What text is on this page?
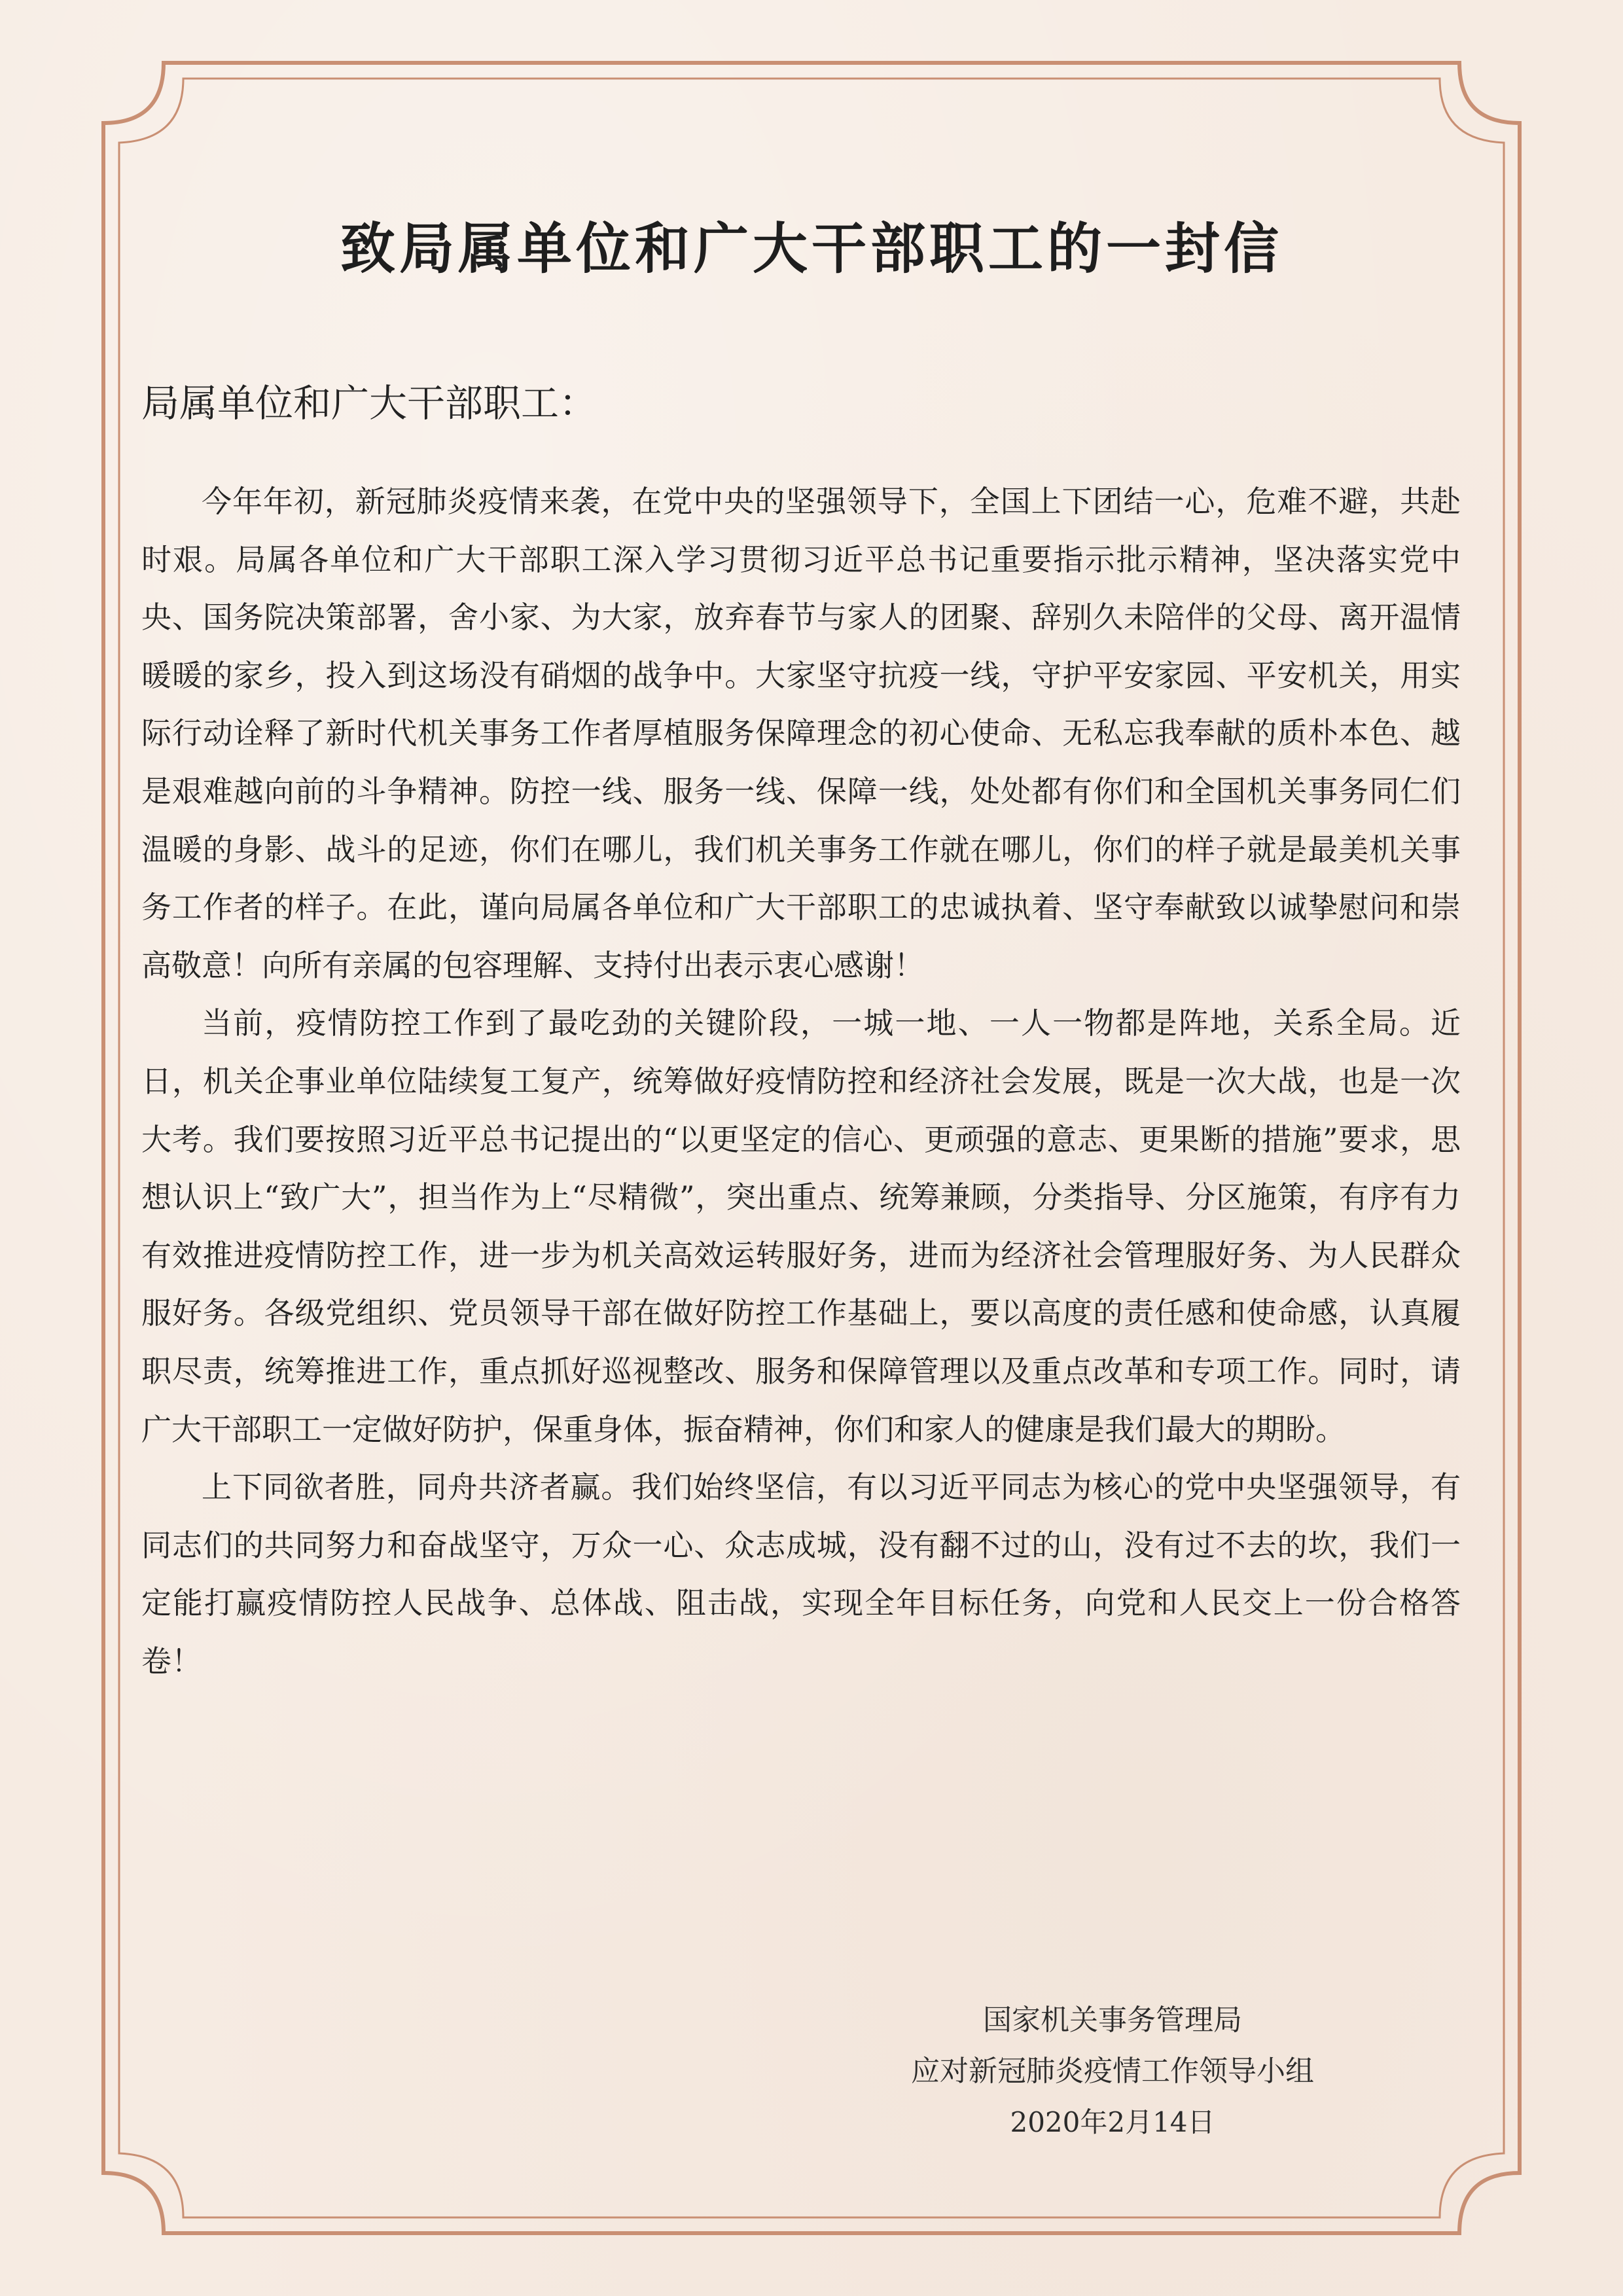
致局属单位和广大干部职工的一封信

局属单位和广大干部职工：

今年年初，新冠肺炎疫情来袭，在党中央的坚强领导下，全国上下团结一心，危难不避，共赴时艰。局属各单位和广大干部职工深入学习贯彻习近平总书记重要指示批示精神，坚决落实党中央、国务院决策部署，舍小家、为大家，放弃春节与家人的团聚、辞别久未陪伴的父母、离开温情暖暖的家乡，投入到这场没有硝烟的战争中。大家坚守抗疫一线，守护平安家园、平安机关，用实际行动诠释了新时代机关事务工作者厚植服务保障理念的初心使命、无私忘我奉献的质朴本色、越是艰难越向前的斗争精神。防控一线、服务一线、保障一线，处处都有你们和全国机关事务同仁们温暖的身影、战斗的足迹，你们在哪儿，我们机关事务工作就在哪儿，你们的样子就是最美机关事务工作者的样子。在此，谨向局属各单位和广大干部职工的忠诚执着、坚守奉献致以诚挚慰问和崇高敬意！向所有亲属的包容理解、支持付出表示衷心感谢！

当前，疫情防控工作到了最吃劲的关键阶段，一城一地、一人一物都是阵地，关系全局。近日，机关企事业单位陆续复工复产，统筹做好疫情防控和经济社会发展，既是一次大战，也是一次大考。我们要按照习近平总书记提出的“以更坚定的信心、更顽强的意志、更果断的措施”要求，思想认识上“致广大”，担当作为上“尽精微”，突出重点、统筹兼顾，分类指导、分区施策，有序有力有效推进疫情防控工作，进一步为机关高效运转服好务，进而为经济社会管理服好务、为人民群众服好务。各级党组织、党员领导干部在做好防控工作基础上，要以高度的责任感和使命感，认真履职尽责，统筹推进工作，重点抓好巡视整改、服务和保障管理以及重点改革和专项工作。同时，请广大干部职工一定做好防护，保重身体，振奋精神，你们和家人的健康是我们最大的期盼。

上下同欲者胜，同舟共济者赢。我们始终坚信，有以习近平同志为核心的党中央坚强领导，有同志们的共同努力和奋战坚守，万众一心、众志成城，没有翻不过的山，没有过不去的坎，我们一定能打赢疫情防控人民战争、总体战、阻击战，实现全年目标任务，向党和人民交上一份合格答卷！

国家机关事务管理局
应对新冠肺炎疫情工作领导小组
2020年2月14日
